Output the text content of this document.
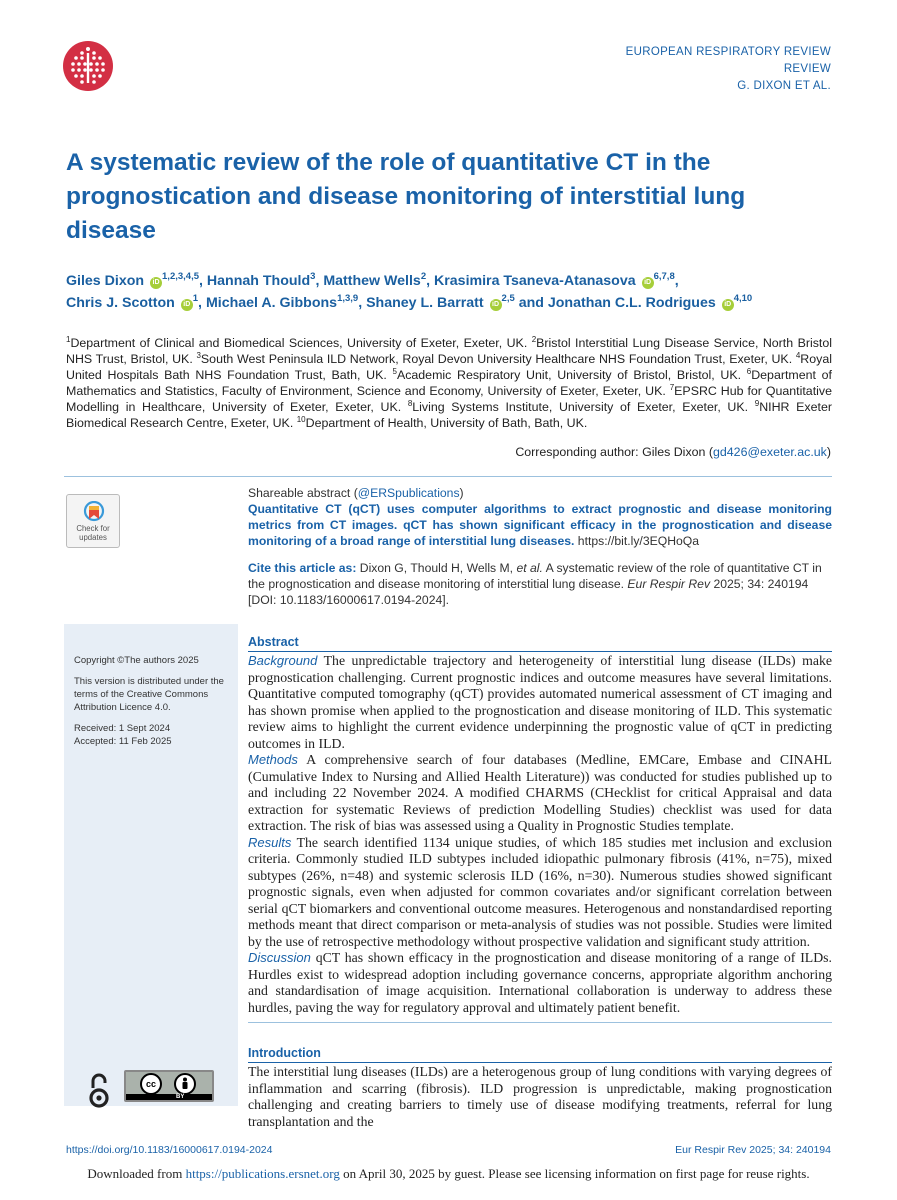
EUROPEAN RESPIRATORY REVIEW
REVIEW
G. DIXON ET AL.
A systematic review of the role of quantitative CT in the prognostication and disease monitoring of interstitial lung disease
Giles Dixon iD$^{1,2,3,4,5}$, Hannah Thould$^3$, Matthew Wells$^2$, Krasimira Tsaneva-Atanasova iD$^{6,7,8}$,
Chris J. Scotton $iD^1$, Michael A. Gibbons$^{1,3,9}$, Shaney L. Barratt iD$^{2,5}$ and Jonathan C.L. Rodrigues iD$^{4,10}$
$^1$Department of Clinical and Biomedical Sciences, University of Exeter, Exeter, UK. $^2$Bristol Interstitial Lung Disease Service, North Bristol NHS Trust, Bristol, UK. $^3$South West Peninsula ILD Network, Royal Devon University Healthcare NHS Foundation Trust, Exeter, UK. $^4$Royal United Hospitals Bath NHS Foundation Trust, Bath, UK. $^5$Academic Respiratory Unit, University of Bristol, Bristol, UK. $^6$Department of Mathematics and Statistics, Faculty of Environment, Science and Economy, University of Exeter, Exeter, UK. $^7$EPSRC Hub for Quantitative Modelling in Healthcare, University of Exeter, Exeter, UK. $^8$Living Systems Institute, University of Exeter, Exeter, UK. $^9$NIHR Exeter Biomedical Research Centre, Exeter, UK. $^{10}$Department of Health, University of Bath, Bath, UK.
Corresponding author: Giles Dixon (gd426@exeter.ac.uk)
Check for
updates
Shareable abstract (@ERSpublications)
Quantitative CT (qCT) uses computer algorithms to extract prognostic and disease monitoring metrics from CT images. qCT has shown significant efficacy in the prognostication and disease monitoring of a broad range of interstitial lung diseases. https://bit.ly/3EQHoQa
Cite this article as: Dixon G, Thould H, Wells M, et al. A systematic review of the role of quantitative CT in the prognostication and disease monitoring of interstitial lung disease. Eur Respir Rev 2025; 34: 240194 [DOI: 10.1183/16000617.0194-2024].

Copyright ©The authors 2025

This version is distributed under the terms of the Creative Commons Attribution Licence 4.0.

Received: 1 Sept 2024

Accepted: 11 Feb 2025

cc
BY
Abstract
Background The unpredictable trajectory and heterogeneity of interstitial lung disease (ILDs) make prognostication challenging. Current prognostic indices and outcome measures have several limitations. Quantitative computed tomography (qCT) provides automated numerical assessment of CT imaging and has shown promise when applied to the prognostication and disease monitoring of ILD. This systematic review aims to highlight the current evidence underpinning the prognostic value of qCT in predicting outcomes in ILD.
Methods A comprehensive search of four databases (Medline, EMCare, Embase and CINAHL (Cumulative Index to Nursing and Allied Health Literature)) was conducted for studies published up to and including 22 November 2024. A modified CHARMS (CHecklist for critical Appraisal and data extraction for systematic Reviews of prediction Modelling Studies) checklist was used for data extraction. The risk of bias was assessed using a Quality in Prognostic Studies template.
Results The search identified 1134 unique studies, of which 185 studies met inclusion and exclusion criteria. Commonly studied ILD subtypes included idiopathic pulmonary fibrosis (41%, n=75), mixed subtypes (26%, n=48) and systemic sclerosis ILD (16%, n=30). Numerous studies showed significant prognostic signals, even when adjusted for common covariates and/or significant correlation between serial qCT biomarkers and conventional outcome measures. Heterogenous and nonstandardised reporting methods meant that direct comparison or meta-analysis of studies was not possible. Studies were limited by the use of retrospective methodology without prospective validation and significant study attrition.
Discussion qCT has shown efficacy in the prognostication and disease monitoring of a range of ILDs. Hurdles exist to widespread adoption including governance concerns, appropriate algorithm anchoring and standardisation of image acquisition. International collaboration is underway to address these hurdles, paving the way for regulatory approval and ultimately patient benefit.
Introduction
The interstitial lung diseases (ILDs) are a heterogenous group of lung conditions with varying degrees of inflammation and scarring (fibrosis). ILD progression is unpredictable, making prognostication challenging and creating barriers to timely use of disease modifying treatments, referral for lung transplantation and the
https://doi.org/10.1183/16000617.0194-2024	Eur Respir Rev 2025; 34: 240194
Downloaded from https://publications.ersnet.org on April 30, 2025 by guest. Please see licensing information on first page for reuse rights.
